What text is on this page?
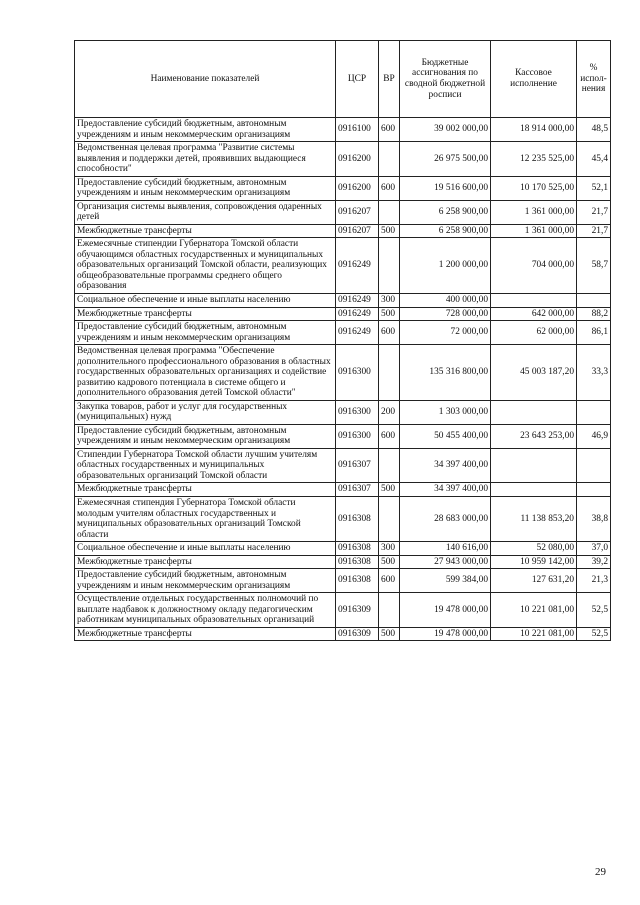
Наименование показателей	ЦСР	ВР	Бюджетные ассигнования по сводной бюджетной росписи	Кассовое исполнение	% испол-нения
Предоставление субсидий бюджетным, автономным учреждениям и иным некоммерческим организациям	0916100	600	39 002 000,00	18 914 000,00	48,5
Ведомственная целевая программа "Развитие системы выявления и поддержки детей, проявивших выдающиеся способности"	0916200		26 975 500,00	12 235 525,00	45,4
Предоставление субсидий бюджетным, автономным учреждениям и иным некоммерческим организациям	0916200	600	19 516 600,00	10 170 525,00	52,1
Организация системы выявления, сопровождения одаренных детей	0916207		6 258 900,00	1 361 000,00	21,7
Межбюджетные трансферты	0916207	500	6 258 900,00	1 361 000,00	21,7
Ежемесячные стипендии Губернатора Томской области обучающимся областных государственных и муниципальных образовательных организаций Томской области, реализующих общеобразовательные программы среднего общего образования	0916249		1 200 000,00	704 000,00	58,7
Социальное обеспечение и иные выплаты населению	0916249	300	400 000,00		
Межбюджетные трансферты	0916249	500	728 000,00	642 000,00	88,2
Предоставление субсидий бюджетным, автономным учреждениям и иным некоммерческим организациям	0916249	600	72 000,00	62 000,00	86,1
Ведомственная целевая программа "Обеспечение дополнительного профессионального образования в областных государственных образовательных организациях и содействие развитию кадрового потенциала в системе общего и дополнительного образования детей Томской области"	0916300		135 316 800,00	45 003 187,20	33,3
Закупка товаров, работ и услуг для государственных (муниципальных) нужд	0916300	200	1 303 000,00		
Предоставление субсидий бюджетным, автономным учреждениям и иным некоммерческим организациям	0916300	600	50 455 400,00	23 643 253,00	46,9
Стипендии Губернатора Томской области лучшим учителям областных государственных и муниципальных образовательных организаций Томской области	0916307		34 397 400,00		
Межбюджетные трансферты	0916307	500	34 397 400,00		
Ежемесячная стипендия Губернатора Томской области молодым учителям областных государственных и муниципальных образовательных организаций Томской области	0916308		28 683 000,00	11 138 853,20	38,8
Социальное обеспечение и иные выплаты населению	0916308	300	140 616,00	52 080,00	37,0
Межбюджетные трансферты	0916308	500	27 943 000,00	10 959 142,00	39,2
Предоставление субсидий бюджетным, автономным учреждениям и иным некоммерческим организациям	0916308	600	599 384,00	127 631,20	21,3
Осуществление отдельных государственных полномочий по выплате надбавок к должностному окладу педагогическим работникам муниципальных образовательных организаций	0916309		19 478 000,00	10 221 081,00	52,5
Межбюджетные трансферты	0916309	500	19 478 000,00	10 221 081,00	52,5
29
